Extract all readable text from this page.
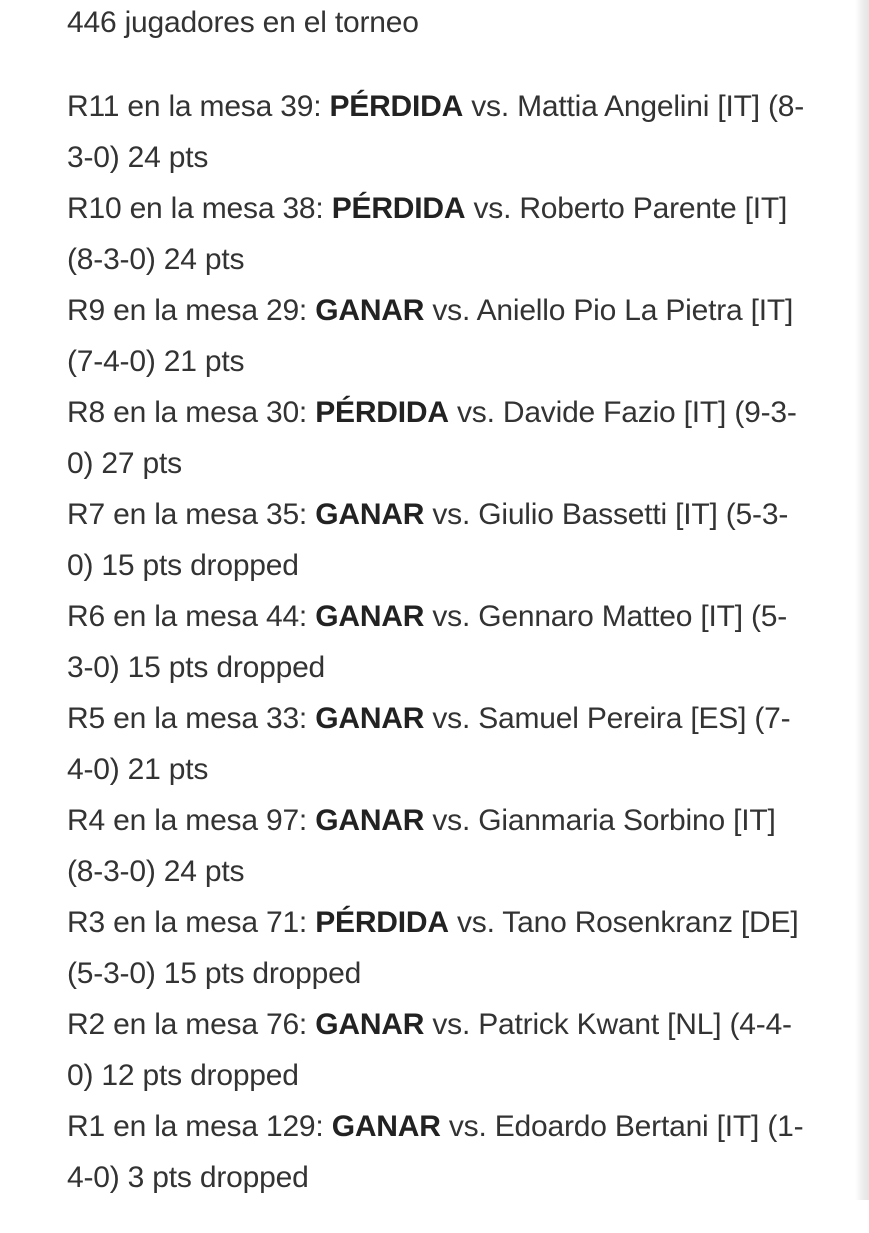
446 jugadores en el torneo

R11 en la mesa 39: PÉRDIDA vs. Mattia Angelini [IT] (8-3-0) 24 pts
R10 en la mesa 38: PÉRDIDA vs. Roberto Parente [IT] (8-3-0) 24 pts
R9 en la mesa 29: GANAR vs. Aniello Pio La Pietra [IT] (7-4-0) 21 pts
R8 en la mesa 30: PÉRDIDA vs. Davide Fazio [IT] (9-3-0) 27 pts
R7 en la mesa 35: GANAR vs. Giulio Bassetti [IT] (5-3-0) 15 pts dropped
R6 en la mesa 44: GANAR vs. Gennaro Matteo [IT] (5-3-0) 15 pts dropped
R5 en la mesa 33: GANAR vs. Samuel Pereira [ES] (7-4-0) 21 pts
R4 en la mesa 97: GANAR vs. Gianmaria Sorbino [IT] (8-3-0) 24 pts
R3 en la mesa 71: PÉRDIDA vs. Tano Rosenkranz [DE] (5-3-0) 15 pts dropped
R2 en la mesa 76: GANAR vs. Patrick Kwant [NL] (4-4-0) 12 pts dropped
R1 en la mesa 129: GANAR vs. Edoardo Bertani [IT] (1-4-0) 3 pts dropped
